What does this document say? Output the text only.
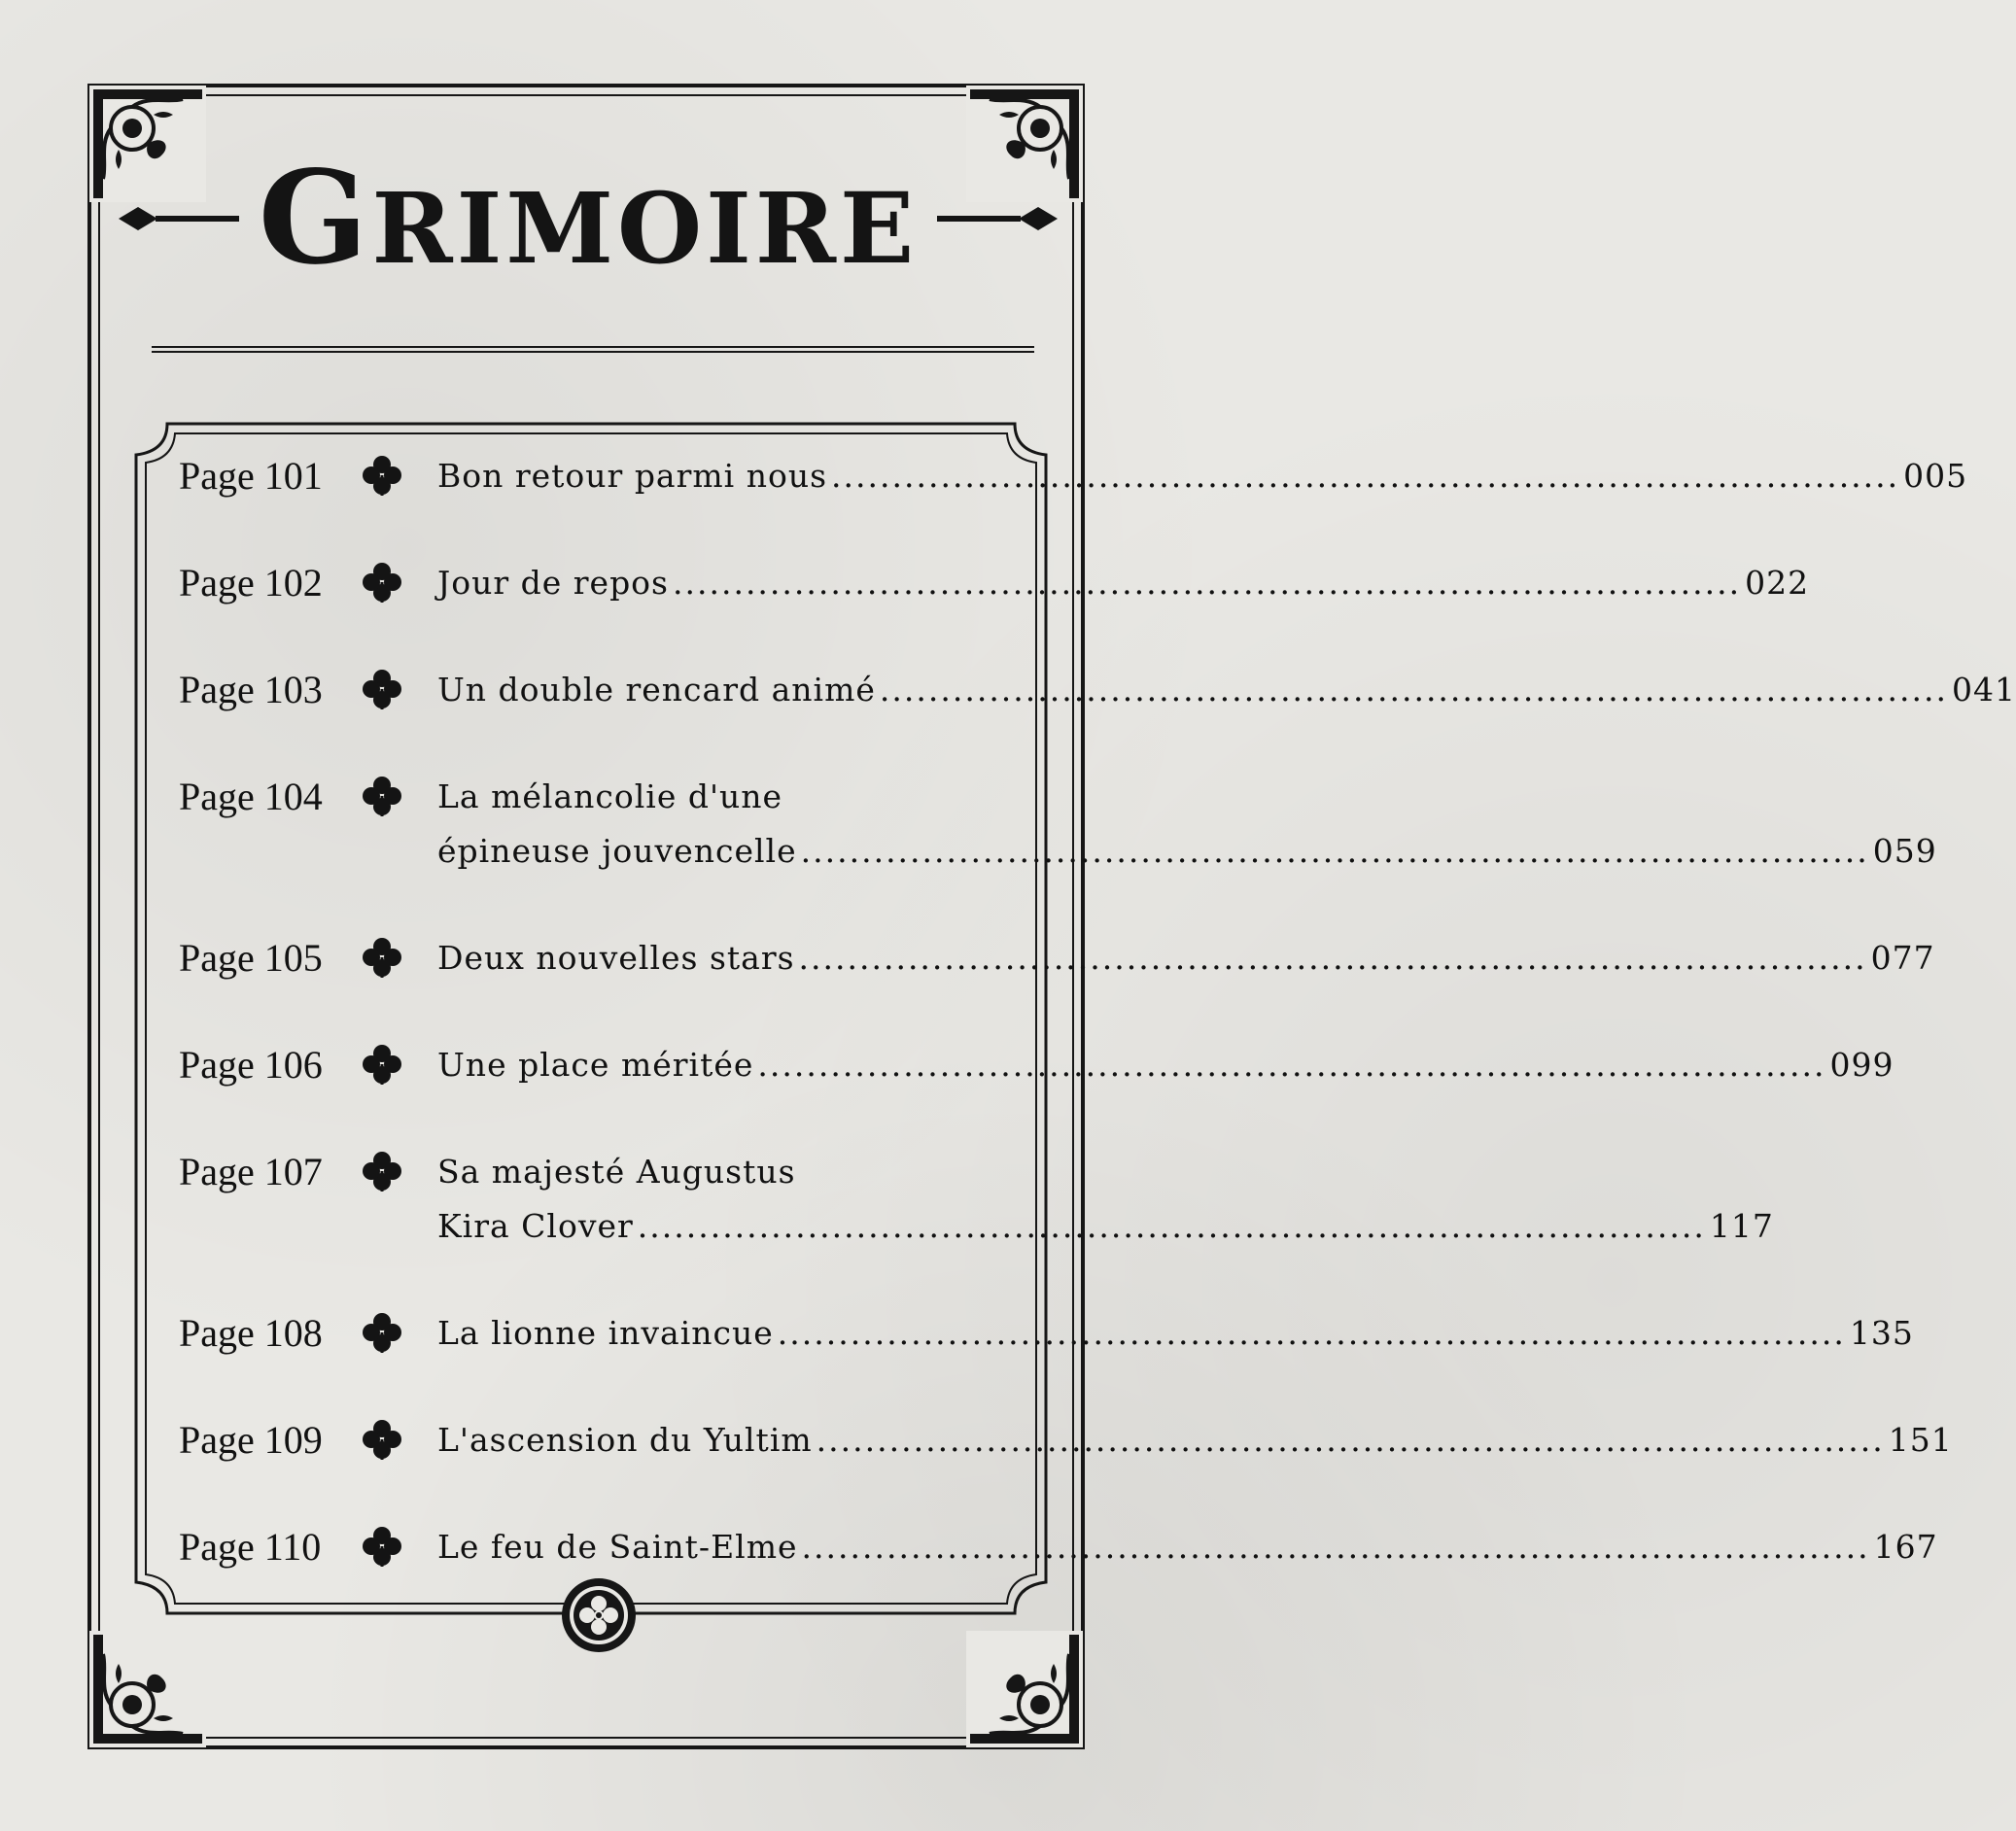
GRIMOIRE
Page 101	Bon retour parmi nous .....	005
Page 102	Jour de repos .....	022
Page 103	Un double rencard animé .....	041
Page 104	La mélancolie d'une
épineuse jouvencelle .....	059
Page 105	Deux nouvelles stars .....	077
Page 106	Une place méritée .....	099
Page 107	Sa majesté Augustus
Kira Clover .....	117
Page 108	La lionne invaincue .....	135
Page 109	L'ascension du Yultim .....	151
Page 110	Le feu de Saint-Elme .....	167
